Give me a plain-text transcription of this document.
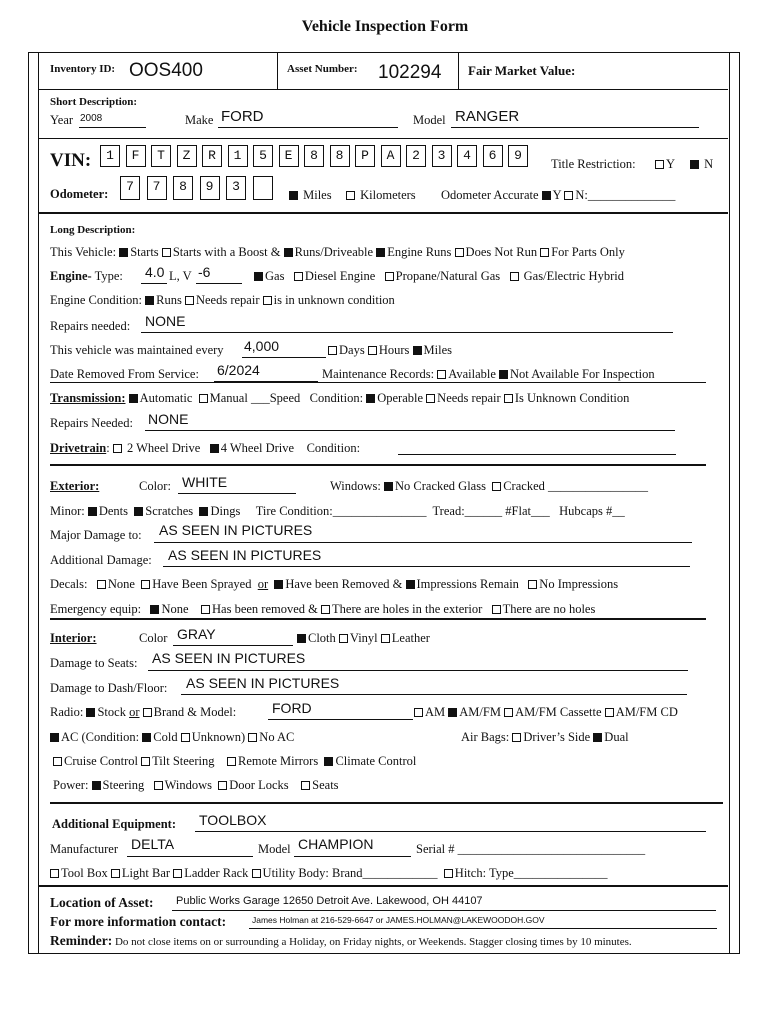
Vehicle Inspection Form
Inventory ID: OOS400	Asset Number: 102294 Fair Market Value:
Short Description:
Year 2008	Make FORD	Model RANGER
VIN:	1	F	T	Z	R	1	5	E	8	8	P	A	2	3	4	6	9
Title Restriction:	Y	N
Odometer:	7	7	8	9	3
Miles	Kilometers Odometer Accurate Y N:______________
Long Description:
This Vehicle: Starts Starts with a Boost & Runs/Driveable Engine Runs Does Not Run For Parts Only
Engine- Type: 4.0 L, V -6	Gas Diesel Engine Propane/Natural Gas Gas/Electric Hybrid
Engine Condition: Runs Needs repair is in unknown condition
Repairs needed: NONE
This vehicle was maintained every 4,000	Days Hours Miles
Date Removed From Service: 6/2024	Maintenance Records: Available Not Available For Inspection
Transmission: Automatic Manual ___Speed Condition: Operable Needs repair Is Unknown Condition
Repairs Needed: NONE
Drivetrain:  2 Wheel Drive 4 Wheel Drive Condition:
Exterior:	Color: WHITE	Windows: No Cracked Glass Cracked ________________
Minor: Dents Scratches Dings Tire Condition:_______________ Tread:______ #Flat___ Hubcaps #__
Major Damage to: AS SEEN IN PICTURES
Additional Damage: AS SEEN IN PICTURES
Decals: None Have Been Sprayed or Have been Removed & Impressions Remain No Impressions
Emergency equip: None Has been removed & There are holes in the exterior There are no holes
Interior:	Color GRAY	Cloth Vinyl Leather
Damage to Seats: AS SEEN IN PICTURES
Damage to Dash/Floor: AS SEEN IN PICTURES
Radio: Stock or Brand & Model:	FORD	AM AM/FM AM/FM Cassette AM/FM CD
AC (Condition: Cold Unknown) No AC	Air Bags: Driver’s Side Dual
Cruise Control Tilt Steering Remote Mirrors Climate Control
Power: Steering Windows Door Locks Seats
Additional Equipment: TOOLBOX
Manufacturer DELTA	Model CHAMPION	Serial # ______________________________
Tool Box Light Bar Ladder Rack Utility Body: Brand____________ Hitch: Type_______________
Location of Asset: Public Works Garage 12650 Detroit Ave. Lakewood, OH 44107
For more information contact:	James Holman at 216-529-6647 or JAMES.HOLMAN@LAKEWOODOH.GOV
Reminder: Do not close items on or surrounding a Holiday, on Friday nights, or Weekends. Stagger closing times by 10 minutes.
